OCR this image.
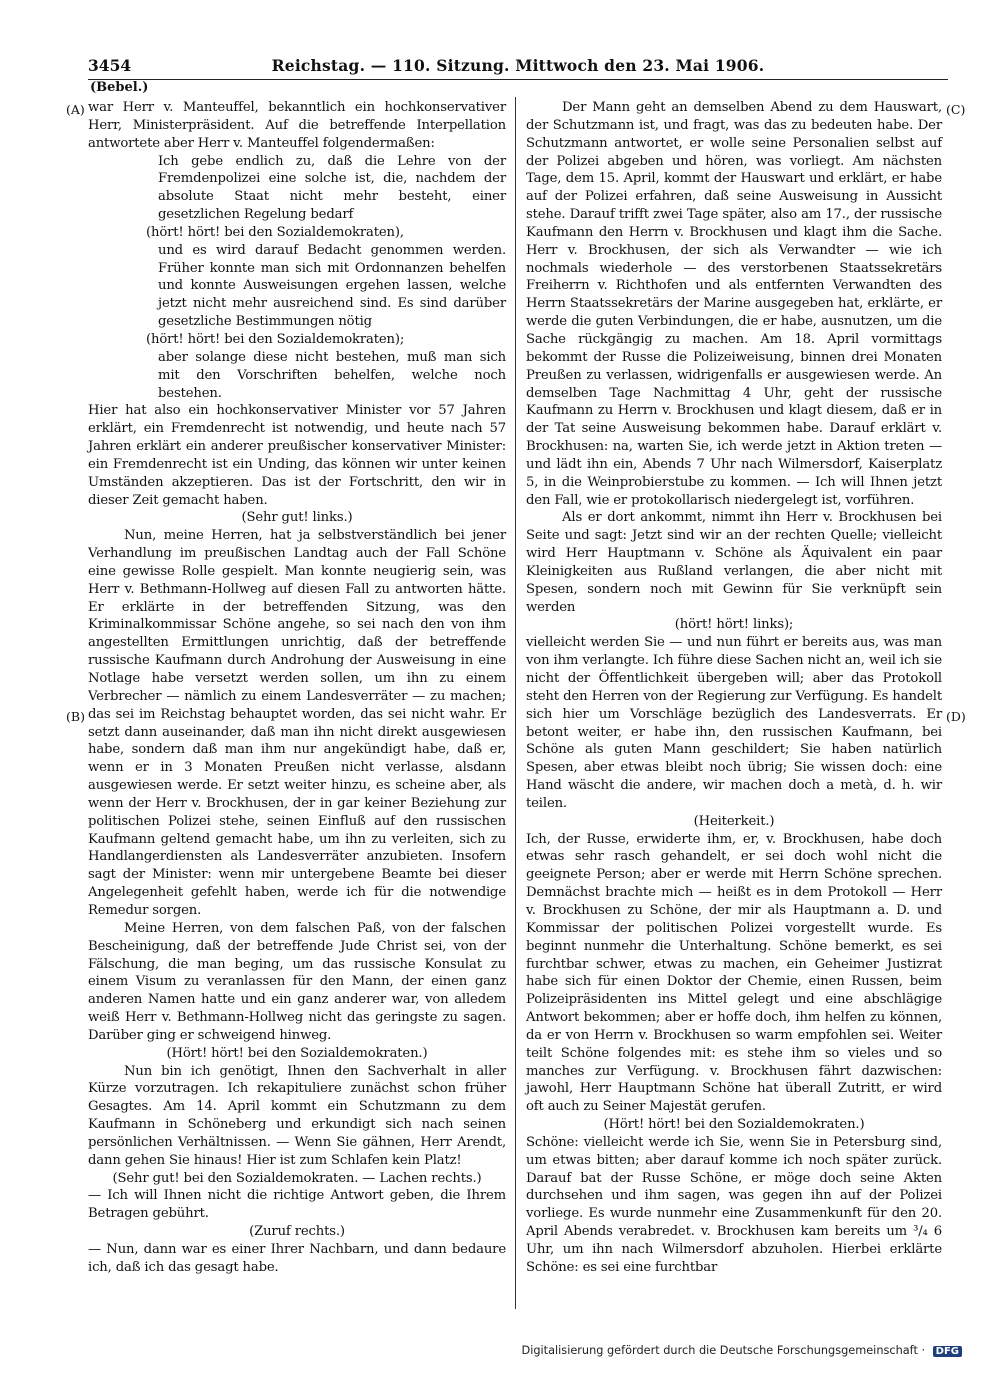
3454	Reichstag. — 110. Sitzung. Mittwoch den 23. Mai 1906.
(Bebel.)
(A)
(B)
(C)
(D)

war Herr v. Manteuffel, bekanntlich ein hochkonservativer Herr, Ministerpräsident. Auf die betreffende Interpellation antwortete aber Herr v. Manteuffel folgendermaßen:

Ich gebe endlich zu, daß die Lehre von der Fremdenpolizei eine solche ist, die, nachdem der absolute Staat nicht mehr besteht, einer gesetzlichen Regelung bedarf

(hört! hört! bei den Sozialdemokraten),

und es wird darauf Bedacht genommen werden. Früher konnte man sich mit Ordonnanzen behelfen und konnte Ausweisungen ergehen lassen, welche jetzt nicht mehr ausreichend sind. Es sind darüber gesetzliche Bestimmungen nötig

(hört! hört! bei den Sozialdemokraten);

aber solange diese nicht bestehen, muß man sich mit den Vorschriften behelfen, welche noch bestehen.

Hier hat also ein hochkonservativer Minister vor 57 Jahren erklärt, ein Fremdenrecht ist notwendig, und heute nach 57 Jahren erklärt ein anderer preußischer konservativer Minister: ein Fremdenrecht ist ein Unding, das können wir unter keinen Umständen akzeptieren. Das ist der Fortschritt, den wir in dieser Zeit gemacht haben.

(Sehr gut! links.)

Nun, meine Herren, hat ja selbstverständlich bei jener Verhandlung im preußischen Landtag auch der Fall Schöne eine gewisse Rolle gespielt. Man konnte neugierig sein, was Herr v. Bethmann-Hollweg auf diesen Fall zu antworten hätte. Er erklärte in der betreffenden Sitzung, was den Kriminalkommissar Schöne angehe, so sei nach den von ihm angestellten Ermittlungen unrichtig, daß der betreffende russische Kaufmann durch Androhung der Ausweisung in eine Notlage habe versetzt werden sollen, um ihn zu einem Verbrecher — nämlich zu einem Landesverräter — zu machen; das sei im Reichstag behauptet worden, das sei nicht wahr. Er setzt dann auseinander, daß man ihn nicht direkt ausgewiesen habe, sondern daß man ihm nur angekündigt habe, daß er, wenn er in 3 Monaten Preußen nicht verlasse, alsdann ausgewiesen werde. Er setzt weiter hinzu, es scheine aber, als wenn der Herr v. Brockhusen, der in gar keiner Beziehung zur politischen Polizei stehe, seinen Einfluß auf den russischen Kaufmann geltend gemacht habe, um ihn zu verleiten, sich zu Handlangerdiensten als Landesverräter anzubieten. Insofern sagt der Minister: wenn mir untergebene Beamte bei dieser Angelegenheit gefehlt haben, werde ich für die notwendige Remedur sorgen.

Meine Herren, von dem falschen Paß, von der falschen Bescheinigung, daß der betreffende Jude Christ sei, von der Fälschung, die man beging, um das russische Konsulat zu einem Visum zu veranlassen für den Mann, der einen ganz anderen Namen hatte und ein ganz anderer war, von alledem weiß Herr v. Bethmann-Hollweg nicht das geringste zu sagen. Darüber ging er schweigend hinweg.

(Hört! hört! bei den Sozialdemokraten.)

Nun bin ich genötigt, Ihnen den Sachverhalt in aller Kürze vorzutragen. Ich rekapituliere zunächst schon früher Gesagtes. Am 14. April kommt ein Schutzmann zu dem Kaufmann in Schöneberg und erkundigt sich nach seinen persönlichen Verhältnissen. — Wenn Sie gähnen, Herr Arendt, dann gehen Sie hinaus! Hier ist zum Schlafen kein Platz!

(Sehr gut! bei den Sozialdemokraten. — Lachen rechts.)

— Ich will Ihnen nicht die richtige Antwort geben, die Ihrem Betragen gebührt.

(Zuruf rechts.)

— Nun, dann war es einer Ihrer Nachbarn, und dann bedaure ich, daß ich das gesagt habe.

Der Mann geht an demselben Abend zu dem Hauswart, der Schutzmann ist, und fragt, was das zu bedeuten habe. Der Schutzmann antwortet, er wolle seine Personalien selbst auf der Polizei abgeben und hören, was vorliegt. Am nächsten Tage, dem 15. April, kommt der Hauswart und erklärt, er habe auf der Polizei erfahren, daß seine Ausweisung in Aussicht stehe. Darauf trifft zwei Tage später, also am 17., der russische Kaufmann den Herrn v. Brockhusen und klagt ihm die Sache. Herr v. Brockhusen, der sich als Verwandter — wie ich nochmals wiederhole — des verstorbenen Staatssekretärs Freiherrn v. Richthofen und als entfernten Verwandten des Herrn Staatssekretärs der Marine ausgegeben hat, erklärte, er werde die guten Verbindungen, die er habe, ausnutzen, um die Sache rückgängig zu machen. Am 18. April vormittags bekommt der Russe die Polizeiweisung, binnen drei Monaten Preußen zu verlassen, widrigenfalls er ausgewiesen werde. An demselben Tage Nachmittag 4 Uhr, geht der russische Kaufmann zu Herrn v. Brockhusen und klagt diesem, daß er in der Tat seine Ausweisung bekommen habe. Darauf erklärt v. Brockhusen: na, warten Sie, ich werde jetzt in Aktion treten — und lädt ihn ein, Abends 7 Uhr nach Wilmersdorf, Kaiserplatz 5, in die Weinprobierstube zu kommen. — Ich will Ihnen jetzt den Fall, wie er protokollarisch niedergelegt ist, vorführen.

Als er dort ankommt, nimmt ihn Herr v. Brockhusen bei Seite und sagt: Jetzt sind wir an der rechten Quelle; vielleicht wird Herr Hauptmann v. Schöne als Äquivalent ein paar Kleinigkeiten aus Rußland verlangen, die aber nicht mit Spesen, sondern noch mit Gewinn für Sie verknüpft sein werden

(hört! hört! links);

vielleicht werden Sie — und nun führt er bereits aus, was man von ihm verlangte. Ich führe diese Sachen nicht an, weil ich sie nicht der Öffentlichkeit übergeben will; aber das Protokoll steht den Herren von der Regierung zur Verfügung. Es handelt sich hier um Vorschläge bezüglich des Landesverrats. Er betont weiter, er habe ihn, den russischen Kaufmann, bei Schöne als guten Mann geschildert; Sie haben natürlich Spesen, aber etwas bleibt noch übrig; Sie wissen doch: eine Hand wäscht die andere, wir machen doch a metà, d. h. wir teilen.

(Heiterkeit.)

Ich, der Russe, erwiderte ihm, er, v. Brockhusen, habe doch etwas sehr rasch gehandelt, er sei doch wohl nicht die geeignete Person; aber er werde mit Herrn Schöne sprechen. Demnächst brachte mich — heißt es in dem Protokoll — Herr v. Brockhusen zu Schöne, der mir als Hauptmann a. D. und Kommissar der politischen Polizei vorgestellt wurde. Es beginnt nunmehr die Unterhaltung. Schöne bemerkt, es sei furchtbar schwer, etwas zu machen, ein Geheimer Justizrat habe sich für einen Doktor der Chemie, einen Russen, beim Polizeipräsidenten ins Mittel gelegt und eine abschlägige Antwort bekommen; aber er hoffe doch, ihm helfen zu können, da er von Herrn v. Brockhusen so warm empfohlen sei. Weiter teilt Schöne folgendes mit: es stehe ihm so vieles und so manches zur Verfügung. v. Brockhusen fährt dazwischen: jawohl, Herr Hauptmann Schöne hat überall Zutritt, er wird oft auch zu Seiner Majestät gerufen.

(Hört! hört! bei den Sozialdemokraten.)

Schöne: vielleicht werde ich Sie, wenn Sie in Petersburg sind, um etwas bitten; aber darauf komme ich noch später zurück. Darauf bat der Russe Schöne, er möge doch seine Akten durchsehen und ihm sagen, was gegen ihn auf der Polizei vorliege. Es wurde nunmehr eine Zusammenkunft für den 20. April Abends verabredet. v. Brockhusen kam bereits um ³/₄ 6 Uhr, um ihn nach Wilmersdorf abzuholen. Hierbei erklärte Schöne: es sei eine furchtbar

Digitalisierung gefördert durch die Deutsche Forschungsgemeinschaft · DFG
